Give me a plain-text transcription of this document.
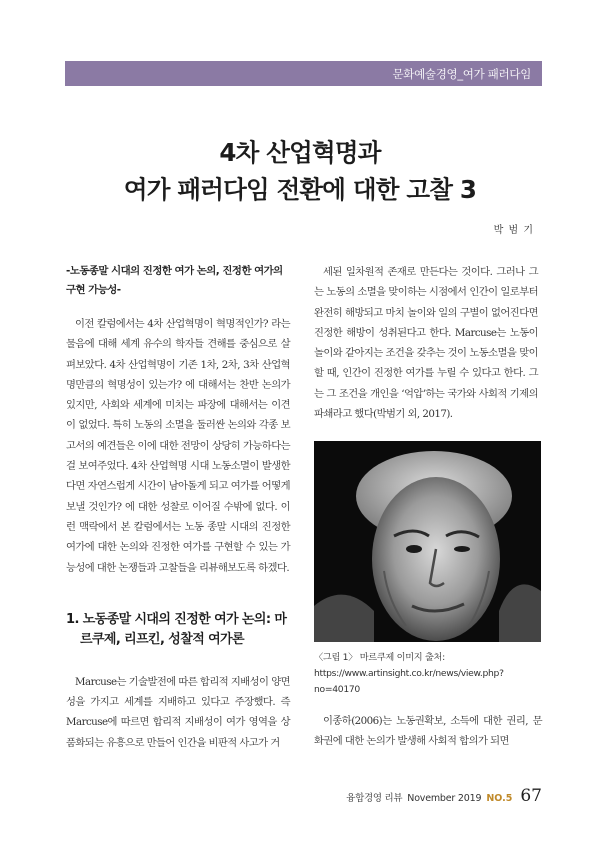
문화예술경영_여가 패러다임
4차 산업혁명과
여가 패러다임 전환에 대한 고찰 3
박 범 기

-노동종말 시대의 진정한 여가 논의, 진정한 여가의 구현 가능성-

이전 칼럼에서는 4차 산업혁명이 혁명적인가? 라는 물음에 대해 세계 유수의 학자들 견해를 중심으로 살펴보았다. 4차 산업혁명이 기존 1차, 2차, 3차 산업혁명만큼의 혁명성이 있는가? 에 대해서는 찬반 논의가 있지만, 사회와 세계에 미치는 파장에 대해서는 이견이 없었다. 특히 노동의 소멸을 둘러싼 논의와 각종 보고서의 예견들은 이에 대한 전망이 상당히 가능하다는 걸 보여주었다. 4차 산업혁명 시대 노동소멸이 발생한다면 자연스럽게 시간이 남아돌게 되고 여가를 어떻게 보낼 것인가? 에 대한 성찰로 이어질 수밖에 없다. 이런 맥락에서 본 칼럼에서는 노동 종말 시대의 진정한 여가에 대한 논의와 진정한 여가를 구현할 수 있는 가능성에 대한 논쟁들과 고찰들을 리뷰해보도록 하겠다.

1. 노동종말 시대의 진정한 여가 논의: 마르쿠제, 리프킨, 성찰적 여가론

Marcuse는 기술발전에 따른 합리적 지배성이 양면성을 가지고 세계를 지배하고 있다고 주장했다. 즉 Marcuse에 따르면 합리적 지배성이 여가 영역을 상품화되는 유흥으로 만들어 인간을 비판적 사고가 거

세된 일차원적 존재로 만든다는 것이다. 그러나 그는 노동의 소멸을 맞이하는 시점에서 인간이 일로부터 완전히 해방되고 마치 놀이와 일의 구별이 없어진다면 진정한 해방이 성취된다고 한다. Marcuse는 노동이 놀이와 같아지는 조건을 갖추는 것이 노동소멸을 맞이할 때, 인간이 진정한 여가를 누릴 수 있다고 한다. 그는 그 조건을 개인을 ‘억압’하는 국가와 사회적 기제의 파쇄라고 했다(박범기 외, 2017).

〈그림 1〉 마르쿠제 이미지 출처: https://www.artinsight.co.kr/news/view.php?no=40170

이종하(2006)는 노동권확보, 소득에 대한 권리, 문화권에 대한 논의가 발생해 사회적 합의가 되면

융합경영 리뷰 November 2019 NO.5 67
